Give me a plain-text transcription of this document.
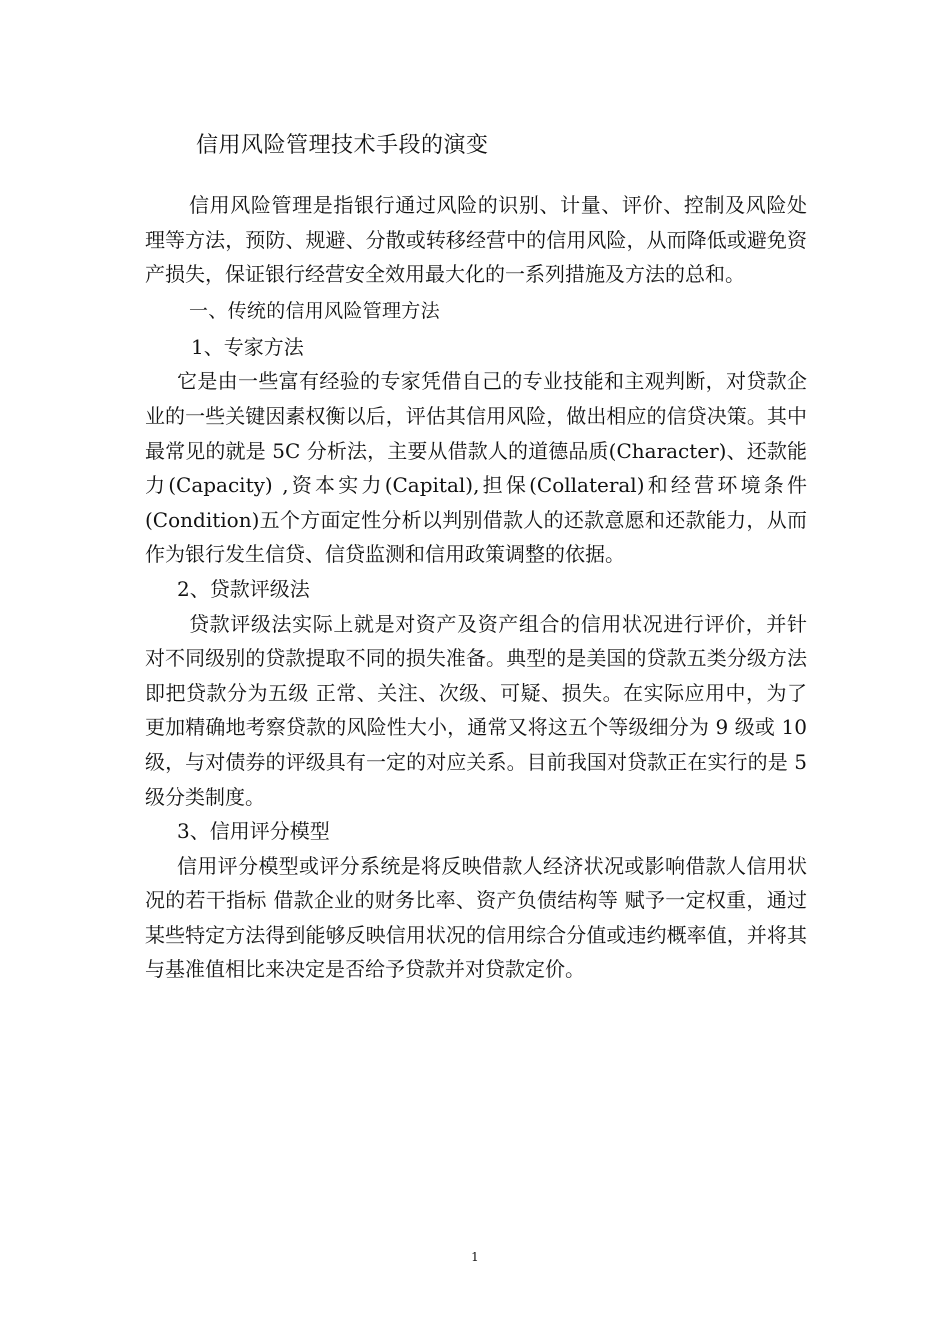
信用风险管理技术手段的演变

信用风险管理是指银行通过风险的识别、计量、评价、控制及风险处理等方法，预防、规避、分散或转移经营中的信用风险，从而降低或避免资产损失，保证银行经营安全效用最大化的一系列措施及方法的总和。

一、传统的信用风险管理方法

1、专家方法

它是由一些富有经验的专家凭借自己的专业技能和主观判断，对贷款企业的一些关键因素权衡以后，评估其信用风险，做出相应的信贷决策。其中最常见的就是 5C 分析法，主要从借款人的道德品质(Character)、还款能力(Capacity) ,资本实力(Capital),担保(Collateral)和经营环境条件(Condition)五个方面定性分析以判别借款人的还款意愿和还款能力，从而作为银行发生信贷、信贷监测和信用政策调整的依据。

2、贷款评级法

贷款评级法实际上就是对资产及资产组合的信用状况进行评价，并针对不同级别的贷款提取不同的损失准备。典型的是美国的贷款五类分级方法即把贷款分为五级 正常、关注、次级、可疑、损失。在实际应用中，为了更加精确地考察贷款的风险性大小，通常又将这五个等级细分为 9 级或 10 级，与对债券的评级具有一定的对应关系。目前我国对贷款正在实行的是 5 级分类制度。

3、信用评分模型

信用评分模型或评分系统是将反映借款人经济状况或影响借款人信用状况的若干指标 借款企业的财务比率、资产负债结构等 赋予一定权重，通过某些特定方法得到能够反映信用状况的信用综合分值或违约概率值，并将其与基准值相比来决定是否给予贷款并对贷款定价。

1
